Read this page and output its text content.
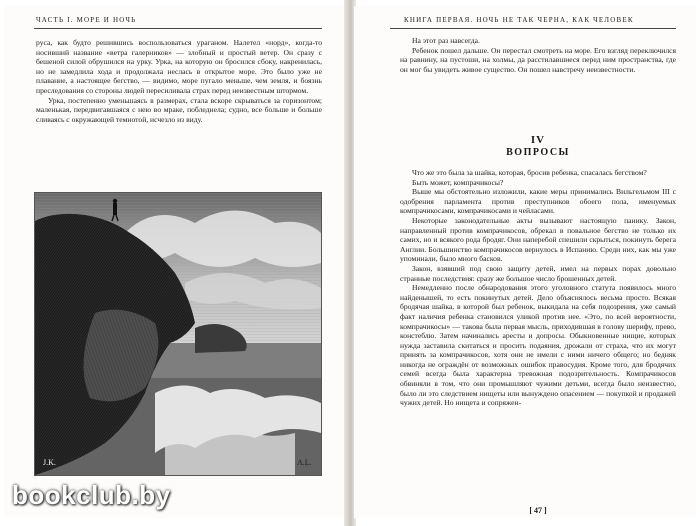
ЧАСТЬ I. МОРЕ И НОЧЬ

руса, как будто решившись воспользоваться ураганом. Налетел «норд», когда-то носивший название «ветра галерников» — злобный и простый ветер. Он сразу с бешеной силой обрушился на урку. Урка, на которую он бросился сбоку, накренилась, но не замедлила хода и продолжала неслась в открытое море. Это было уже не плавание, а настоящее бегство, — видимо, море пугало меньше, чем земля, и боязнь преследования со стороны людей пересиливала страх перед неизвестным штормом.

Урка, постепенно уменьшаясь в размерах, стала вскоре скрываться за горизонтом; маленькая, передвигавшаяся с нею во мраке, побледнела; судно, все больше и больше сливаясь с окружающей темнотой, исчезло из виду.

J.K.	A.L.
КНИГА ПЕРВАЯ. НОЧЬ НЕ ТАК ЧЕРНА, КАК ЧЕЛОВЕК

На этот раз навсегда.

Ребенок пошел дальше. Он перестал смотреть на море. Его взгляд переключился на равнину, на пустоши, на холмы, да расстилавшиеся перед ним пространства, где он мог бы увидеть живое существо. Он пошел навстречу неизвестности.

IV
ВОПРОСЫ

Что же это была за шайка, которая, бросив ребенка, спасалась бегством?

Быть может, компрачикосы?

Выше мы обстоятельно изложили, какие меры принимались Вильгельмом III с одобрения парламента против преступников обоего пола, именуемых компрачикосами, компрачикосами и чейласами.

Некоторые законодательные акты вызывают настоящую панику. Закон, направленный против компрачикосов, обрекал в повальное бегство не только их самих, но и всякого рода бродяг. Они наперебой спешили скрыться, покинуть берега Англии. Большинство компрачикосов вернулось в Испанию. Среди них, как мы уже упоминали, было много басков.

Закон, взявший под свою защиту детей, имел на первых порах довольно странные последствия: сразу же большое число брошенных детей.

Немедленно после обнародования этого уголовного статута появилось много найденышей, то есть покинутых детей. Дело объяснялось весьма просто. Всякая бродячая шайка, в которой был ребенок, выкидала на себя подозрения, уже самый факт наличия ребенка становился уликой против нее. «Это, по всей вероятности, компрачикосы» — такова была первая мысль, приходившая в голову шерифу, прево, констеблю. Затем начинались аресты и допросы. Обыкновенные нищие, которых нужда заставила скитаться и просить подаяния, дрожали от страха, что их могут принять за компрачикосов, хотя они не имели с ними ничего общего; но бедняк никогда не ограждён от возможных ошибок правосудия. Кроме того, для бродячих семей всегда была характерна тревожная подозрительность. Компрачикосов обвиняли в том, что они промышляют чужими детьми, всегда было неизвестно, было ли это следствием нищеты или вынуждено опасением — покупкой и продажей чужих детей. Но нищета и сопряжен-

[ 47 ]
bookclub.by
